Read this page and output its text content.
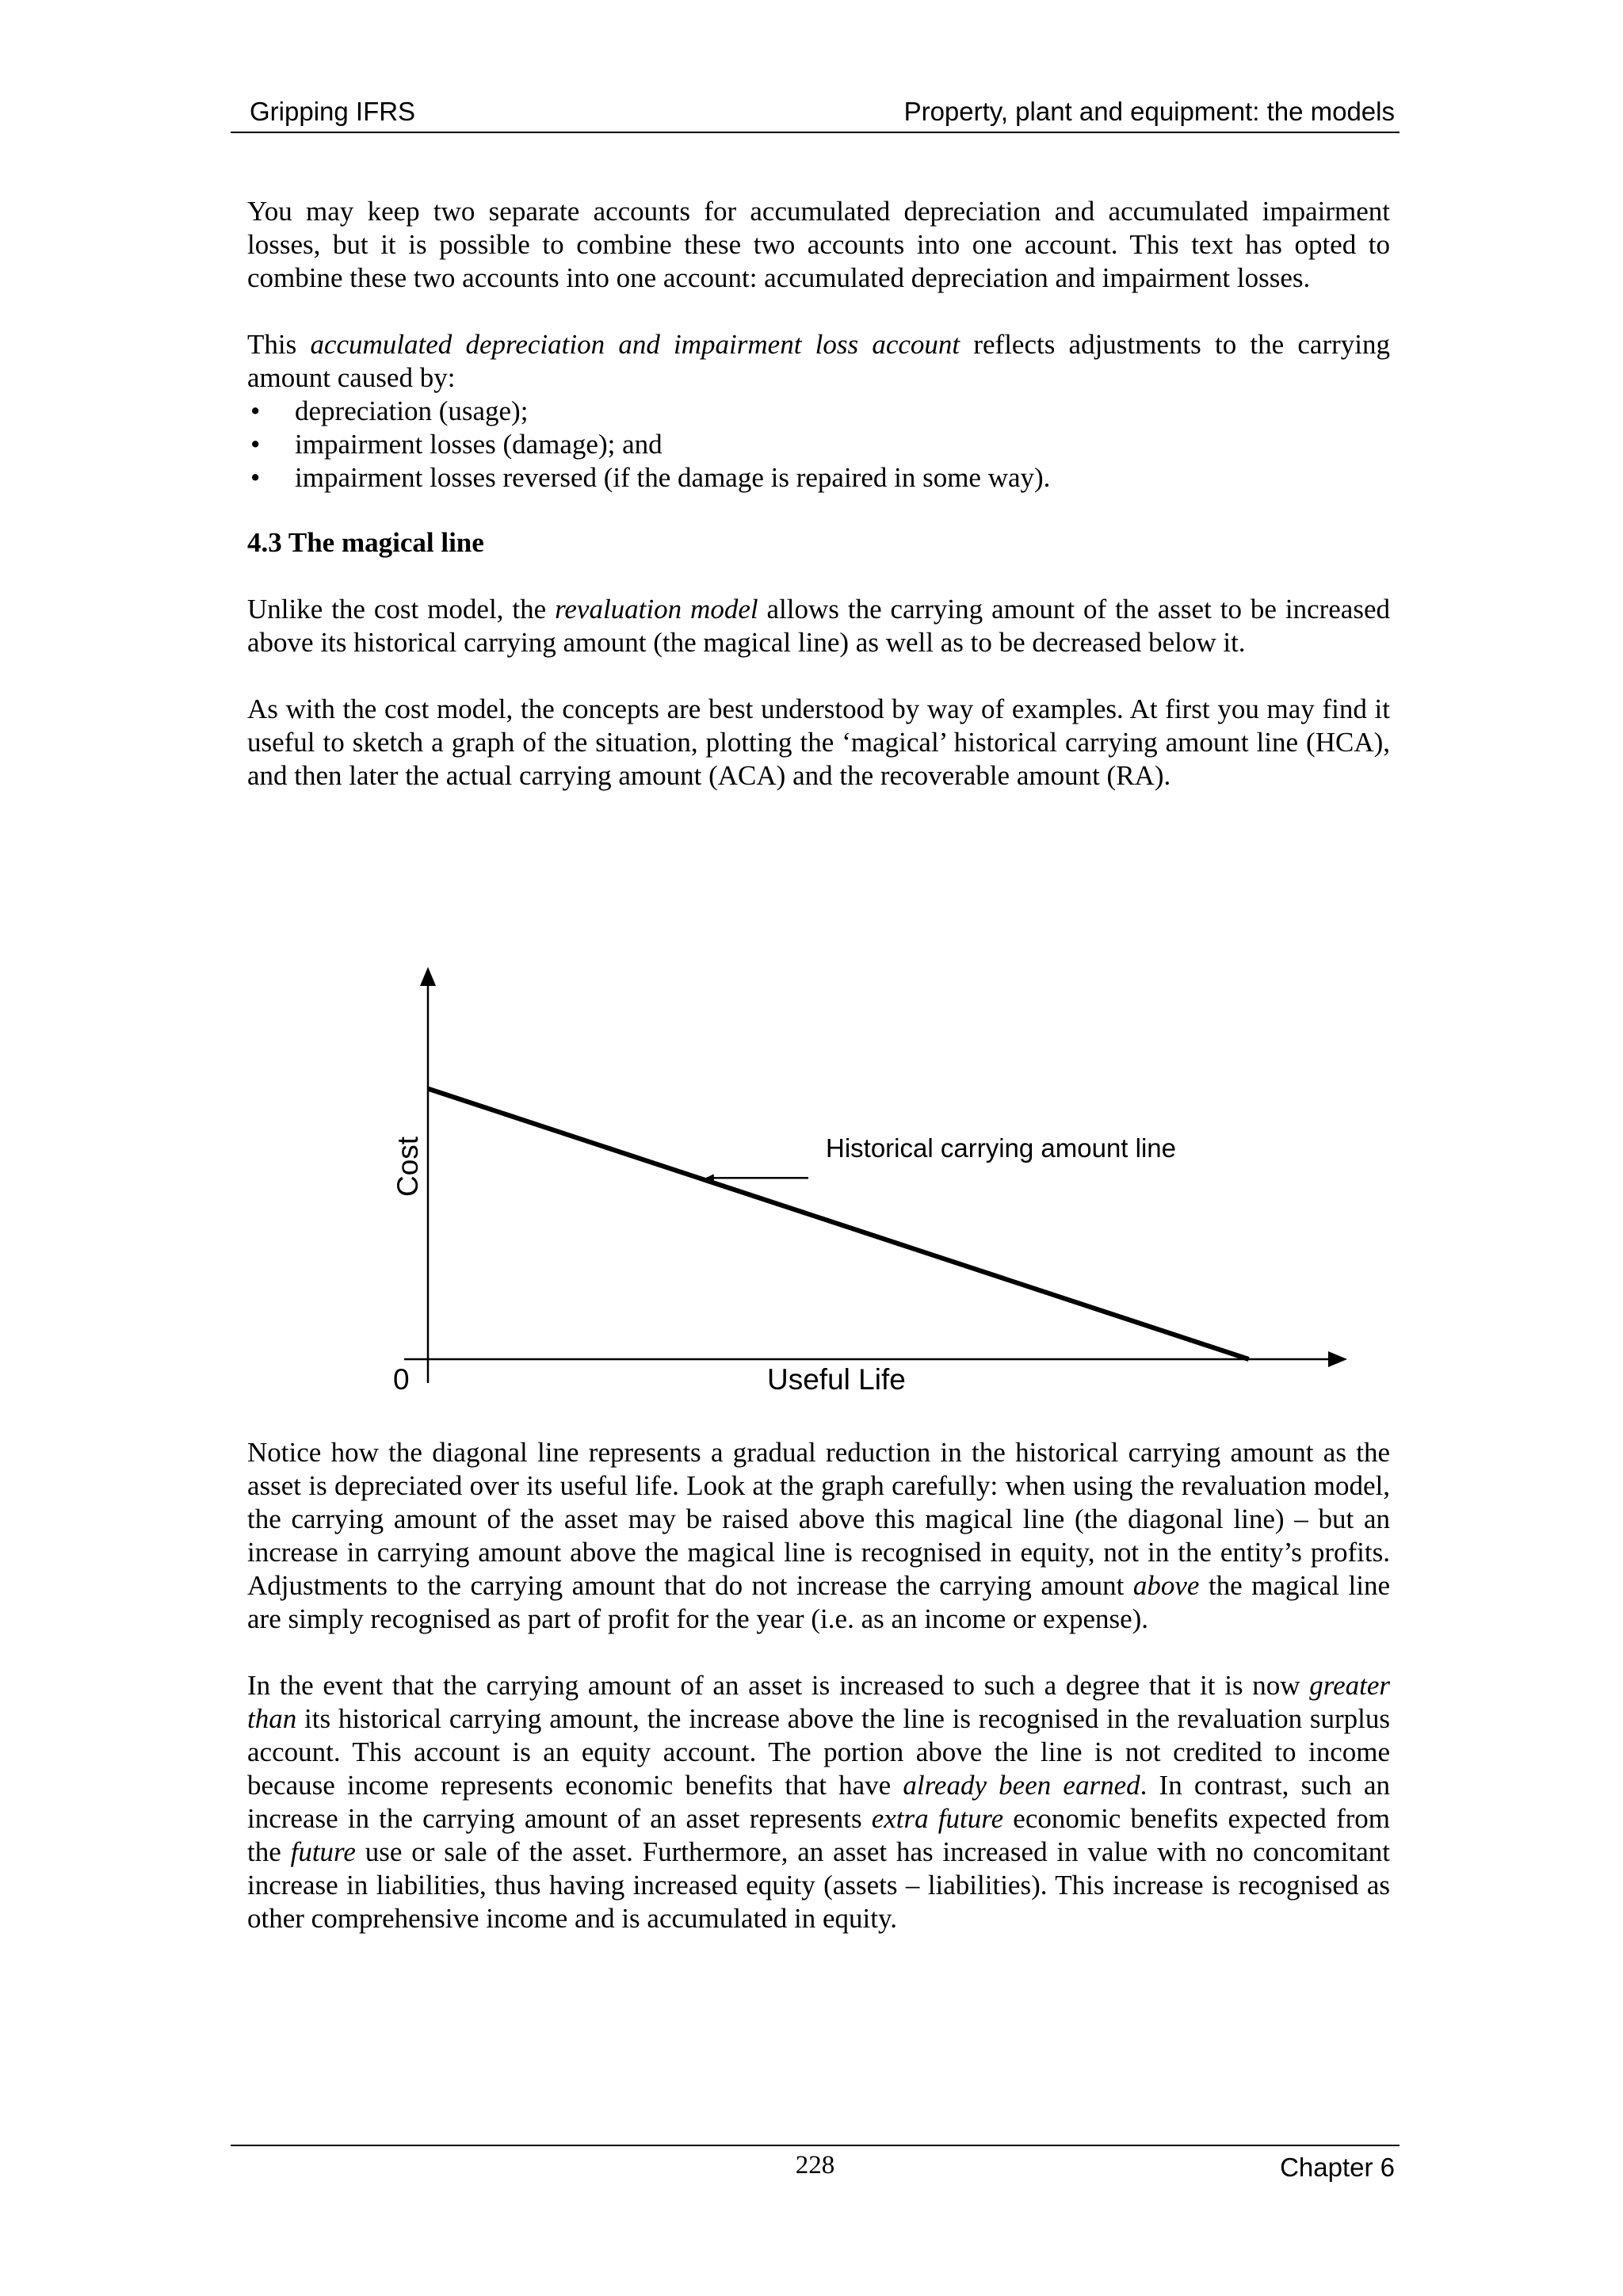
Gripping IFRS	Property, plant and equipment: the models

You may keep two separate accounts for accumulated depreciation and accumulated impairment losses, but it is possible to combine these two accounts into one account. This text has opted to combine these two accounts into one account: accumulated depreciation and impairment losses.

This accumulated depreciation and impairment loss account reflects adjustments to the carrying amount caused by:

• depreciation (usage);
• impairment losses (damage); and
• impairment losses reversed (if the damage is repaired in some way).

4.3 The magical line

Unlike the cost model, the revaluation model allows the carrying amount of the asset to be increased above its historical carrying amount (the magical line) as well as to be decreased below it.

As with the cost model, the concepts are best understood by way of examples. At first you may find it useful to sketch a graph of the situation, plotting the ‘magical’ historical carrying amount line (HCA), and then later the actual carrying amount (ACA) and the recoverable amount (RA).

Cost
0	Useful Life
Historical carrying amount line

Notice how the diagonal line represents a gradual reduction in the historical carrying amount as the asset is depreciated over its useful life. Look at the graph carefully: when using the revaluation model, the carrying amount of the asset may be raised above this magical line (the diagonal line) – but an increase in carrying amount above the magical line is recognised in equity, not in the entity’s profits. Adjustments to the carrying amount that do not increase the carrying amount above the magical line are simply recognised as part of profit for the year (i.e. as an income or expense).

In the event that the carrying amount of an asset is increased to such a degree that it is now greater than its historical carrying amount, the increase above the line is recognised in the revaluation surplus account. This account is an equity account. The portion above the line is not credited to income because income represents economic benefits that have already been earned. In contrast, such an increase in the carrying amount of an asset represents extra future economic benefits expected from the future use or sale of the asset. Furthermore, an asset has increased in value with no concomitant increase in liabilities, thus having increased equity (assets – liabilities). This increase is recognised as other comprehensive income and is accumulated in equity.

228	Chapter 6
